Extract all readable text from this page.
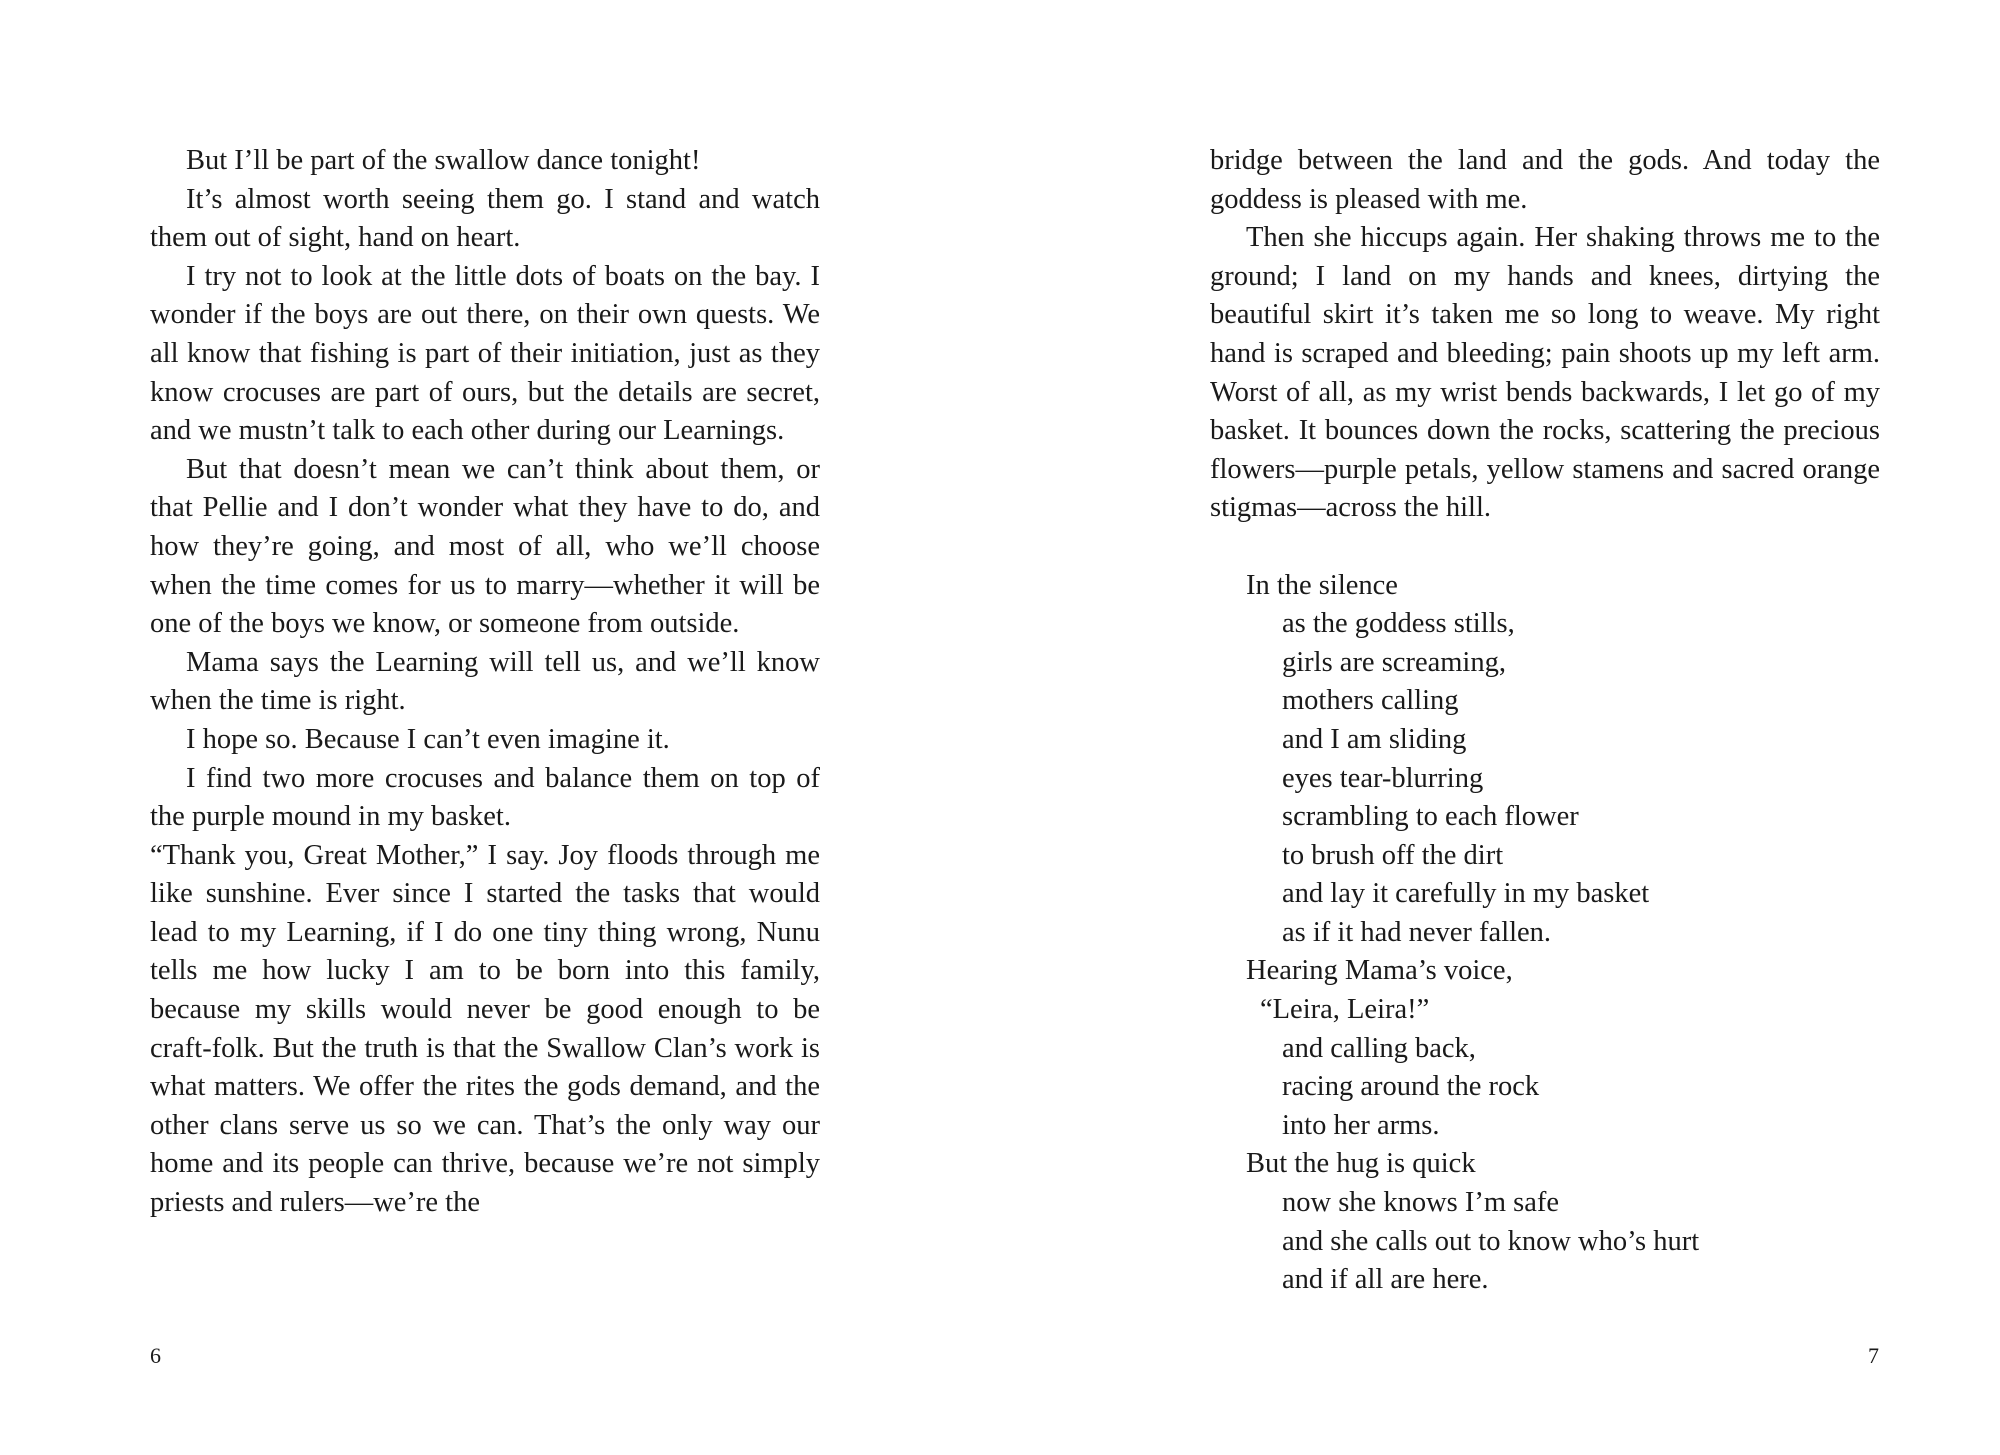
But I’ll be part of the swallow dance tonight!

It’s almost worth seeing them go. I stand and watch them out of sight, hand on heart.

I try not to look at the little dots of boats on the bay. I wonder if the boys are out there, on their own quests. We all know that fishing is part of their initiation, just as they know crocuses are part of ours, but the details are secret, and we mustn’t talk to each other during our Learnings.

But that doesn’t mean we can’t think about them, or that Pellie and I don’t wonder what they have to do, and how they’re going, and most of all, who we’ll choose when the time comes for us to marry—whether it will be one of the boys we know, or someone from outside.

Mama says the Learning will tell us, and we’ll know when the time is right.

I hope so. Because I can’t even imagine it.

I find two more crocuses and balance them on top of the purple mound in my basket.

“Thank you, Great Mother,” I say. Joy floods through me like sunshine. Ever since I started the tasks that would lead to my Learning, if I do one tiny thing wrong, Nunu tells me how lucky I am to be born into this family, because my skills would never be good enough to be craft-folk. But the truth is that the Swallow Clan’s work is what matters. We offer the rites the gods demand, and the other clans serve us so we can. That’s the only way our home and its people can thrive, because we’re not simply priests and rulers—we’re the

6

bridge between the land and the gods. And today the goddess is pleased with me.

Then she hiccups again. Her shaking throws me to the ground; I land on my hands and knees, dirtying the beautiful skirt it’s taken me so long to weave. My right hand is scraped and bleeding; pain shoots up my left arm. Worst of all, as my wrist bends backwards, I let go of my basket. It bounces down the rocks, scattering the precious flowers—purple petals, yellow stamens and sacred orange stigmas—across the hill.

In the silence
as the goddess stills,
girls are screaming,
mothers calling
and I am sliding
eyes tear-blurring
scrambling to each flower
to brush off the dirt
and lay it carefully in my basket
as if it had never fallen.
Hearing Mama’s voice,
“Leira, Leira!”
and calling back,
racing around the rock
into her arms.
But the hug is quick
now she knows I’m safe
and she calls out to know who’s hurt
and if all are here.
7
